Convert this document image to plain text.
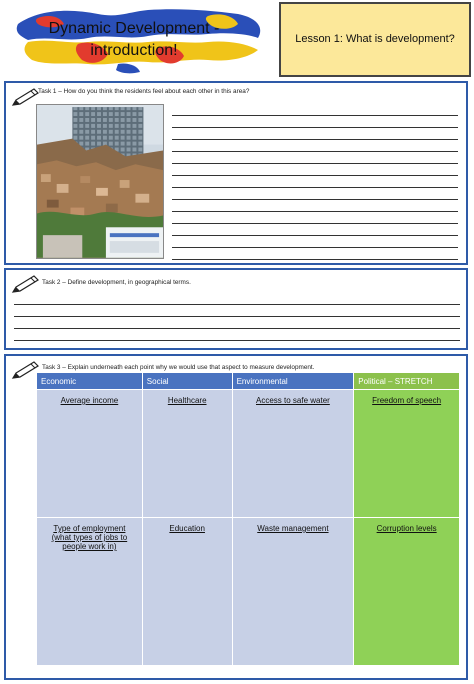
Dynamic Development -
introduction!
Lesson 1: What is development?
Task 1 – How do you think the residents feel about each other in this area?
Task 2 – Define development, in geographical terms.
Task 3 – Explain underneath each point why we would use that aspect to measure development.
Economic	Social	Environmental	Political – STRETCH
Average income	Healthcare	Access to safe water	Freedom of speech
Type of employment (what types of jobs to people work in)	Education	Waste management	Corruption levels
